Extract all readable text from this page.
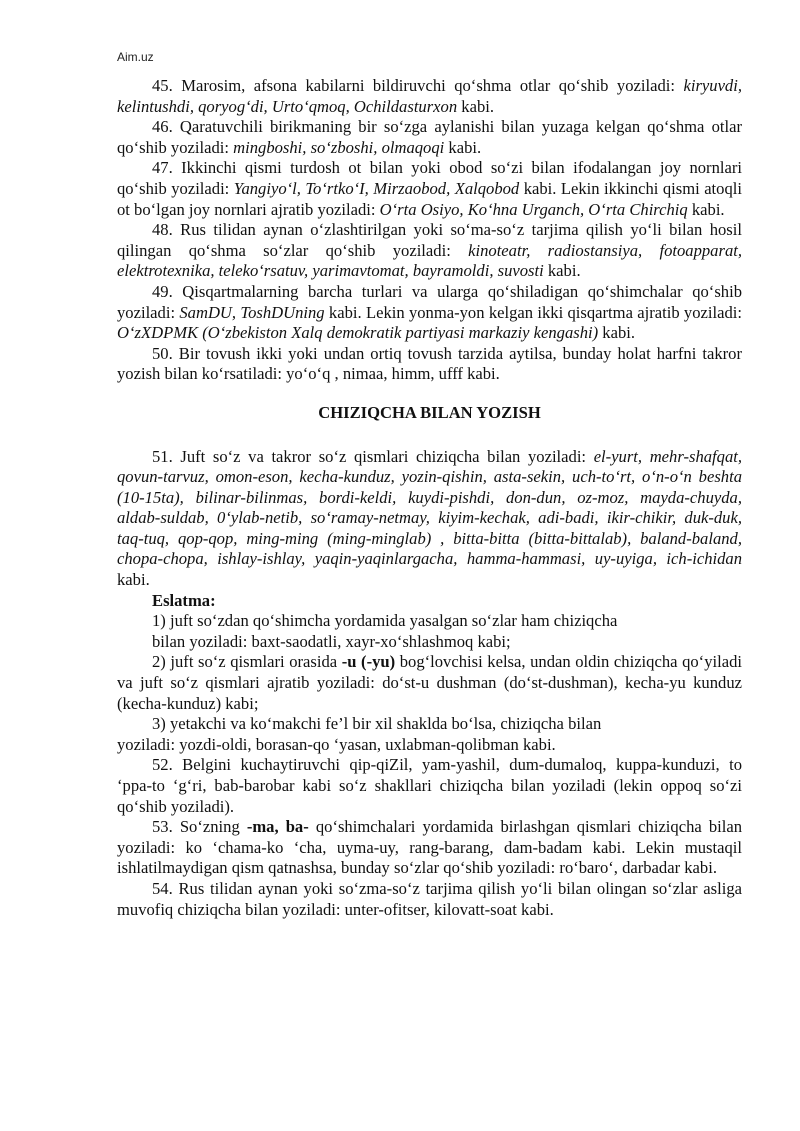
Aim.uz

45. Marosim, afsona kabilarni bildiruvchi qo‘shma otlar qo‘shib yoziladi: kiryuvdi, kelintushdi, qoryog‘di, Urto‘qmoq, Ochildasturxon kabi.

46. Qaratuvchili birikmaning bir so‘zga aylanishi bilan yuzaga kelgan qo‘shma otlar qo‘shib yoziladi: mingboshi, so‘zboshi, olmaqoqi kabi.

47. Ikkinchi qismi turdosh ot bilan yoki obod so‘zi bilan ifodalangan joy nornlari qo‘shib yoziladi: Yangiyo‘l, To‘rtko‘I, Mirzaobod, Xalqobod kabi. Lekin ikkinchi qismi atoqli ot bo‘lgan joy nornlari ajratib yoziladi: O‘rta Osiyo, Ko‘hna Urganch, O‘rta Chirchiq kabi.

48. Rus tilidan aynan o‘zlashtirilgan yoki so‘ma-so‘z tarjima qilish yo‘li bilan hosil qilingan qo‘shma so‘zlar qo‘shib yoziladi: kinoteatr, radiostansiya, fotoapparat, elektrotexnika, teleko‘rsatuv, yarimavtomat, bayramoldi, suvosti kabi.

49. Qisqartmalarning barcha turlari va ularga qo‘shiladigan qo‘shimchalar qo‘shib yoziladi: SamDU, ToshDUning kabi. Lekin yonma-yon kelgan ikki qisqartma ajratib yoziladi: O‘zXDPMK (O‘zbekiston Xalq demokratik partiyasi markaziy kengashi) kabi.

50. Bir tovush ikki yoki undan ortiq tovush tarzida aytilsa, bunday holat harfni takror yozish bilan ko‘rsatiladi: yo‘o‘q , nimaa, himm, ufff kabi.

CHIZIQCHA BILAN YOZISH

51. Juft so‘z va takror so‘z qismlari chiziqcha bilan yoziladi: el-yurt, mehr-shafqat, qovun-tarvuz, omon-eson, kecha-kunduz, yozin-qishin, asta-sekin, uch-to‘rt, o‘n-o‘n beshta (10-15ta), bilinar-bilinmas, bordi-keldi, kuydi-pishdi, don-dun, oz-moz, mayda-chuyda, aldab-suldab, 0‘ylab-netib, so‘ramay-netmay, kiyim-kechak, adi-badi, ikir-chikir, duk-duk, taq-tuq, qop-qop, ming-ming (ming-minglab) , bitta-bitta (bitta-bittalab), baland-baland, chopa-chopa, ishlay-ishlay, yaqin-yaqinlargacha, hamma-hammasi, uy-uyiga, ich-ichidan kabi.

Eslatma:

1) juft so‘zdan qo‘shimcha yordamida yasalgan so‘zlar ham chiziqcha

bilan yoziladi: baxt-saodatli, xayr-xo‘shlashmoq kabi;

2) juft so‘z qismlari orasida -u (-yu) bog‘lovchisi kelsa, undan oldin chiziqcha qo‘yiladi va juft so‘z qismlari ajratib yoziladi: do‘st-u dushman (do‘st-dushman), kecha-yu kunduz (kecha-kunduz) kabi;

3) yetakchi va ko‘makchi fe’l bir xil shaklda bo‘lsa, chiziqcha bilan

yoziladi: yozdi-oldi, borasan-qo ‘yasan, uxlabman-qolibman kabi.

52. Belgini kuchaytiruvchi qip-qiZil, yam-yashil, dum-dumaloq, kuppa-kunduzi, to ‘ppa-to ‘g‘ri, bab-barobar kabi so‘z shakllari chiziqcha bilan yoziladi (lekin oppoq so‘zi qo‘shib yoziladi).

53. So‘zning -ma, ba- qo‘shimchalari yordamida birlashgan qismlari chiziqcha bilan yoziladi: ko ‘chama-ko ‘cha, uyma-uy, rang-barang, dam-badam kabi. Lekin mustaqil ishlatilmaydigan qism qatnashsa, bunday so‘zlar qo‘shib yoziladi: ro‘baro‘, darbadar kabi.

54. Rus tilidan aynan yoki so‘zma-so‘z tarjima qilish yo‘li bilan olingan so‘zlar asliga muvofiq chiziqcha bilan yoziladi: unter-ofitser, kilovatt-soat kabi.
